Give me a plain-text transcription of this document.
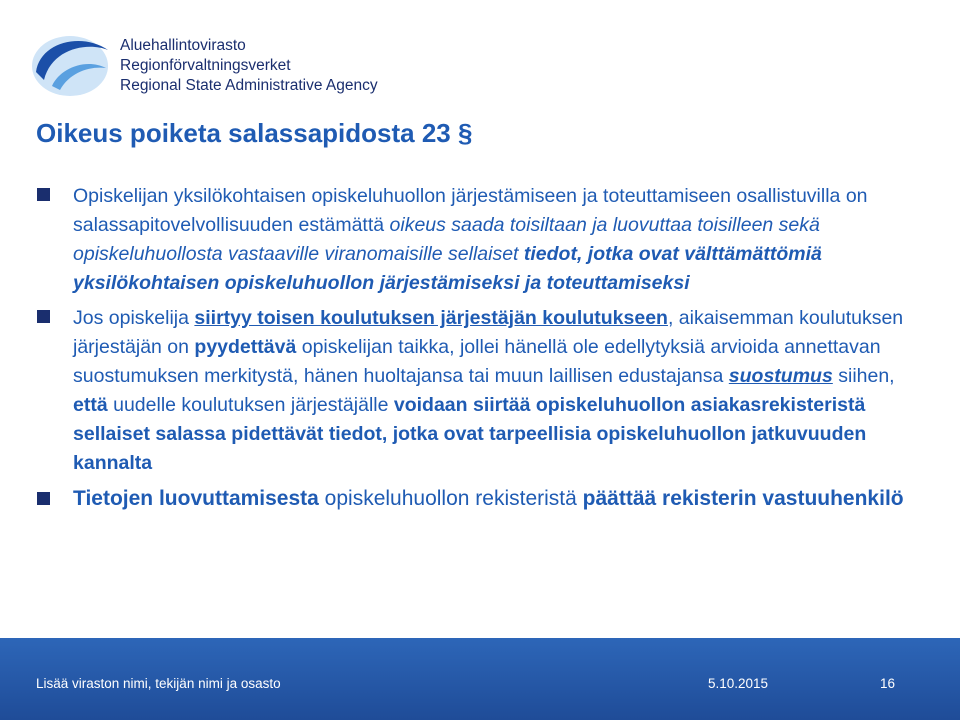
Aluehallintovirasto
Regionförvaltningsverket
Regional State Administrative Agency
Oikeus poiketa salassapidosta 23 §
Opiskelijan yksilökohtaisen opiskeluhuollon järjestämiseen ja toteuttamiseen osallistuvilla on salassapitovelvollisuuden estämättä oikeus saada toisiltaan ja luovuttaa toisilleen sekä opiskeluhuollosta vastaaville viranomaisille sellaiset tiedot, jotka ovat välttämättömiä yksilökohtaisen opiskeluhuollon järjestämiseksi ja toteuttamiseksi
Jos opiskelija siirtyy toisen koulutuksen järjestäjän koulutukseen, aikaisemman koulutuksen järjestäjän on pyydettävä opiskelijan taikka, jollei hänellä ole edellytyksiä arvioida annettavan suostumuksen merkitystä, hänen huoltajansa tai muun laillisen edustajansa suostumus siihen, että uudelle koulutuksen järjestäjälle voidaan siirtää opiskeluhuollon asiakasrekisteristä sellaiset salassa pidettävät tiedot, jotka ovat tarpeellisia opiskeluhuollon jatkuvuuden kannalta
Tietojen luovuttamisesta opiskeluhuollon rekisteristä päättää rekisterin vastuuhenkilö
Lisää viraston nimi, tekijän nimi ja osasto	5.10.2015	16
